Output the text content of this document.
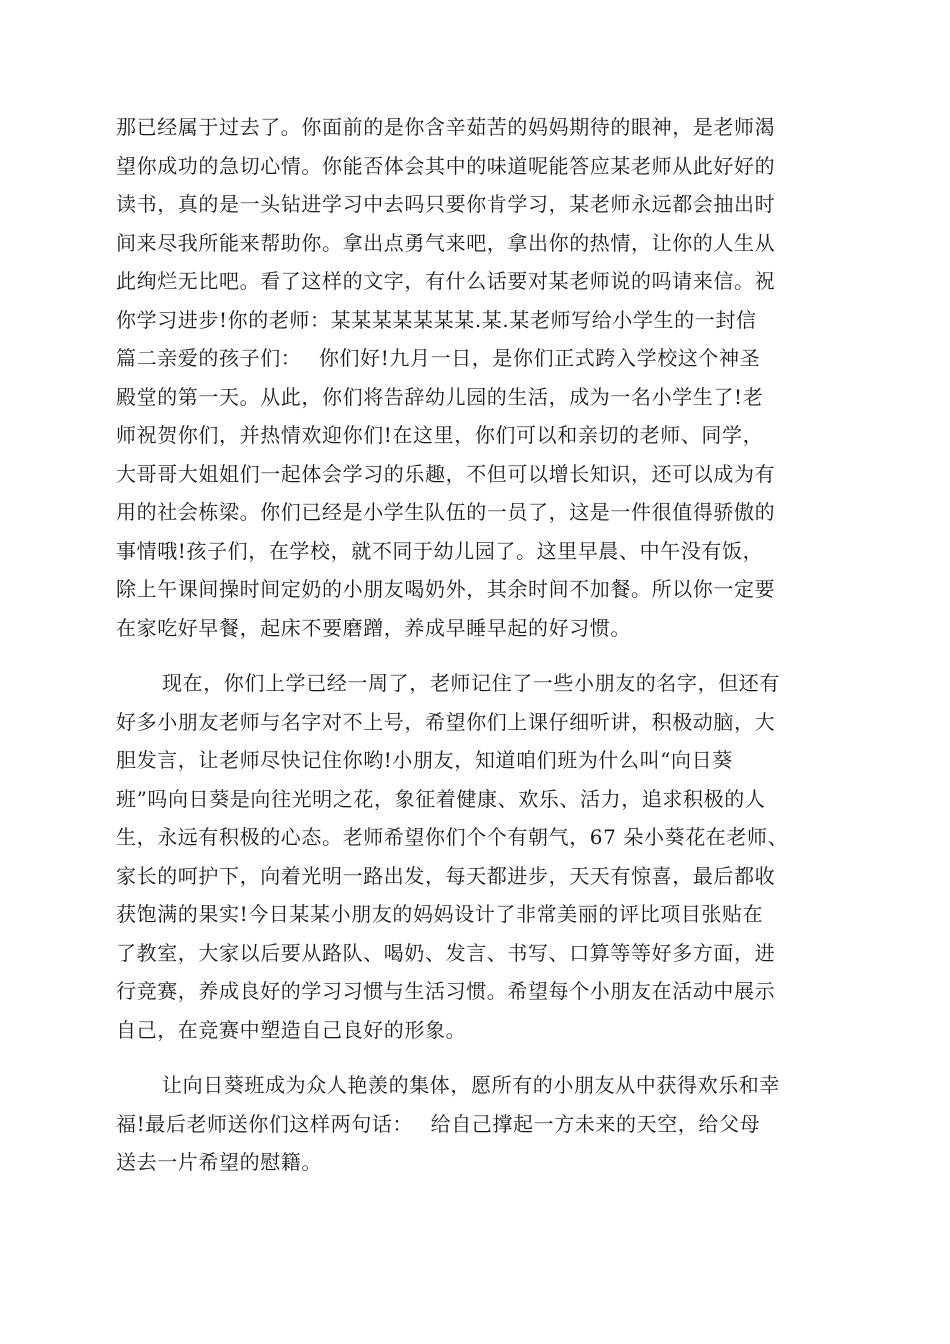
那已经属于过去了。你面前的是你含辛茹苦的妈妈期待的眼神，是老师渴
望你成功的急切心情。你能否体会其中的味道呢能答应某老师从此好好的
读书，真的是一头钻进学习中去吗只要你肯学习，某老师永远都会抽出时
间来尽我所能来帮助你。拿出点勇气来吧，拿出你的热情，让你的人生从
此绚烂无比吧。看了这样的文字，有什么话要对某老师说的吗请来信。祝
你学习进步!你的老师：某某某某某某某.某.某老师写给小学生的一封信
篇二亲爱的孩子们：　 你们好!九月一日，是你们正式跨入学校这个神圣
殿堂的第一天。从此，你们将告辞幼儿园的生活，成为一名小学生了!老
师祝贺你们，并热情欢迎你们!在这里，你们可以和亲切的老师、同学，
大哥哥大姐姐们一起体会学习的乐趣，不但可以增长知识，还可以成为有
用的社会栋梁。你们已经是小学生队伍的一员了，这是一件很值得骄傲的
事情哦!孩子们，在学校，就不同于幼儿园了。这里早晨、中午没有饭，
除上午课间操时间定奶的小朋友喝奶外，其余时间不加餐。所以你一定要
在家吃好早餐，起床不要磨蹭，养成早睡早起的好习惯。
现在，你们上学已经一周了，老师记住了一些小朋友的名字，但还有
好多小朋友老师与名字对不上号，希望你们上课仔细听讲，积极动脑，大
胆发言，让老师尽快记住你哟!小朋友，知道咱们班为什么叫“向日葵
班”吗向日葵是向往光明之花，象征着健康、欢乐、活力，追求积极的人
生，永远有积极的心态。老师希望你们个个有朝气，67 朵小葵花在老师、
家长的呵护下，向着光明一路出发，每天都进步，天天有惊喜，最后都收
获饱满的果实!今日某某小朋友的妈妈设计了非常美丽的评比项目张贴在
了教室，大家以后要从路队、喝奶、发言、书写、口算等等好多方面，进
行竞赛，养成良好的学习习惯与生活习惯。希望每个小朋友在活动中展示
自己，在竞赛中塑造自己良好的形象。
让向日葵班成为众人艳羡的集体，愿所有的小朋友从中获得欢乐和幸
福!最后老师送你们这样两句话：　 给自己撑起一方未来的天空，给父母
送去一片希望的慰籍。
